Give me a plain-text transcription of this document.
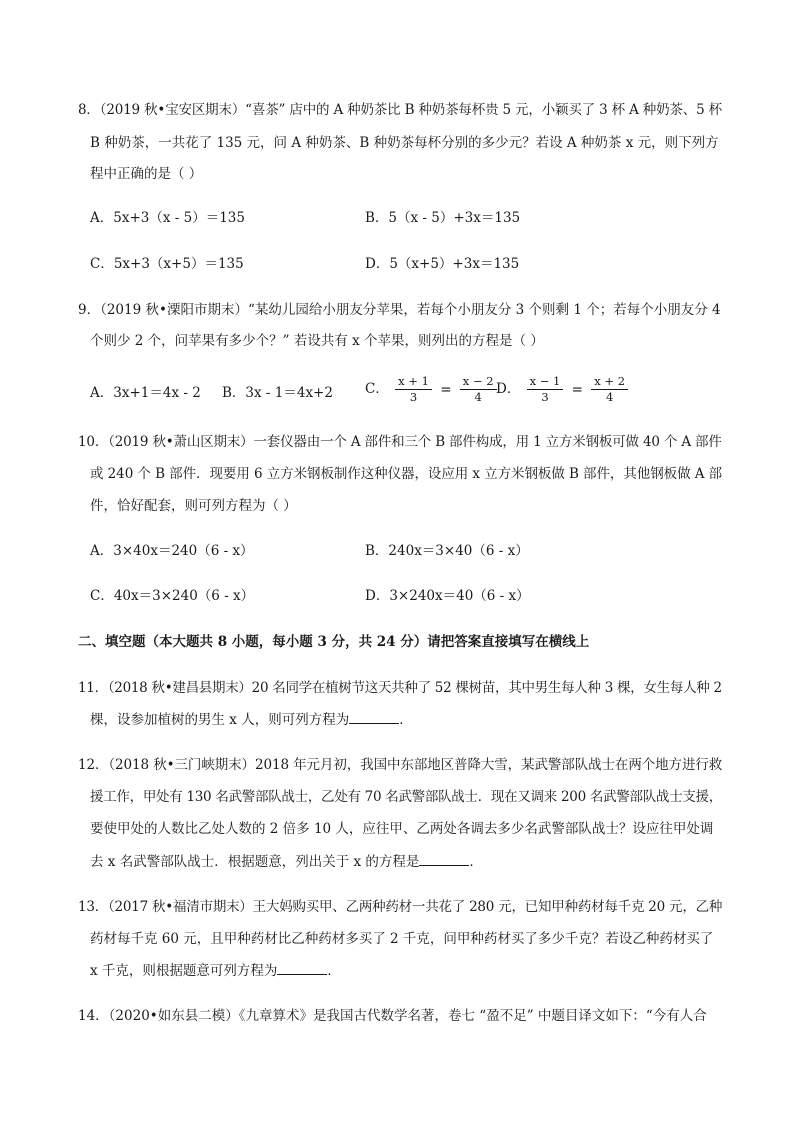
8．（2019 秋•宝安区期末）“喜茶” 店中的 A 种奶茶比 B 种奶茶每杯贵 5 元，小颖买了 3 杯 A 种奶茶、5 杯
B 种奶茶，一共花了 135 元，问 A 种奶茶、B 种奶茶每杯分别的多少元？若设 A 种奶茶 x 元，则下列方
程中正确的是（ ）
A．5x+3（x - 5）＝135	B．5（x - 5）+3x＝135
C．5x+3（x+5）＝135	D．5（x+5）+3x＝135
9．（2019 秋•溧阳市期末）“某幼儿园给小朋友分苹果，若每个小朋友分 3 个则剩 1 个；若每个小朋友分 4
个则少 2 个，问苹果有多少个？” 若设共有 x 个苹果，则列出的方程是（ ）
A．3x+1＝4x - 2 B．3x - 1＝4x+2 C． $\frac{x + 1}{3} = \frac{x - 2}{4}$ D． $\frac{x - 1}{3} = \frac{x + 2}{4}$
10．（2019 秋•萧山区期末）一套仪器由一个 A 部件和三个 B 部件构成，用 1 立方米钢板可做 40 个 A 部件
或 240 个 B 部件．现要用 6 立方米钢板制作这种仪器，设应用 x 立方米钢板做 B 部件，其他钢板做 A 部
件，恰好配套，则可列方程为（ ）
A．3×40x＝240（6 - x）	B．240x＝3×40（6 - x）
C．40x＝3×240（6 - x）	D．3×240x＝40（6 - x）
二、填空题（本大题共 8 小题，每小题 3 分，共 24 分）请把答案直接填写在横线上
11．（2018 秋•建昌县期末）20 名同学在植树节这天共种了 52 棵树苗，其中男生每人种 3 棵，女生每人种 2
棵，设参加植树的男生 x 人，则可列方程为	．
12．（2018 秋•三门峡期末）2018 年元月初，我国中东部地区普降大雪，某武警部队战士在两个地方进行救
援工作，甲处有 130 名武警部队战士，乙处有 70 名武警部队战士．现在又调来 200 名武警部队战士支援，
要使甲处的人数比乙处人数的 2 倍多 10 人，应往甲、乙两处各调去多少名武警部队战士？设应往甲处调
去 x 名武警部队战士．根据题意，列出关于 x 的方程是	．
13．（2017 秋•福清市期末）王大妈购买甲、乙两种药材一共花了 280 元，已知甲种药材每千克 20 元，乙种
药材每千克 60 元，且甲种药材比乙种药材多买了 2 千克，问甲种药材买了多少千克？若设乙种药材买了
x 千克，则根据题意可列方程为	．
14．（2020•如东县二模）《九章算术》是我国古代数学名著，卷七 “盈不足” 中题目译文如下：“今有人合
